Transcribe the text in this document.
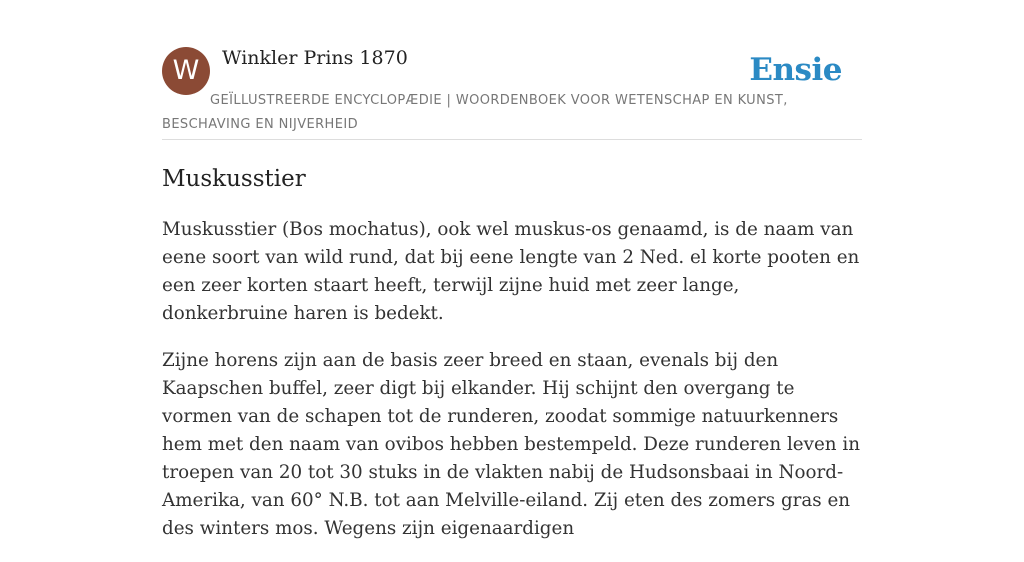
W	Winkler Prins 1870	Ensie
GEÏLLUSTREERDE ENCYCLOPÆDIE | WOORDENBOEK VOOR WETENSCHAP EN KUNST, BESCHAVING EN NIJVERHEID
Muskusstier

Muskusstier (Bos mochatus), ook wel muskus-os genaamd, is de naam van eene soort van wild rund, dat bij eene lengte van 2 Ned. el korte pooten en een zeer korten staart heeft, terwijl zijne huid met zeer lange, donkerbruine haren is bedekt.

Zijne horens zijn aan de basis zeer breed en staan, evenals bij den Kaapschen buffel, zeer digt bij elkander. Hij schijnt den overgang te vormen van de schapen tot de runderen, zoodat sommige natuurkenners hem met den naam van ovibos hebben bestempeld. Deze runderen leven in troepen van 20 tot 30 stuks in de vlakten nabij de Hudsonsbaai in Noord-Amerika, van 60° N.B. tot aan Melville-eiland. Zij eten des zomers gras en des winters mos. Wegens zijn eigenaardigen
